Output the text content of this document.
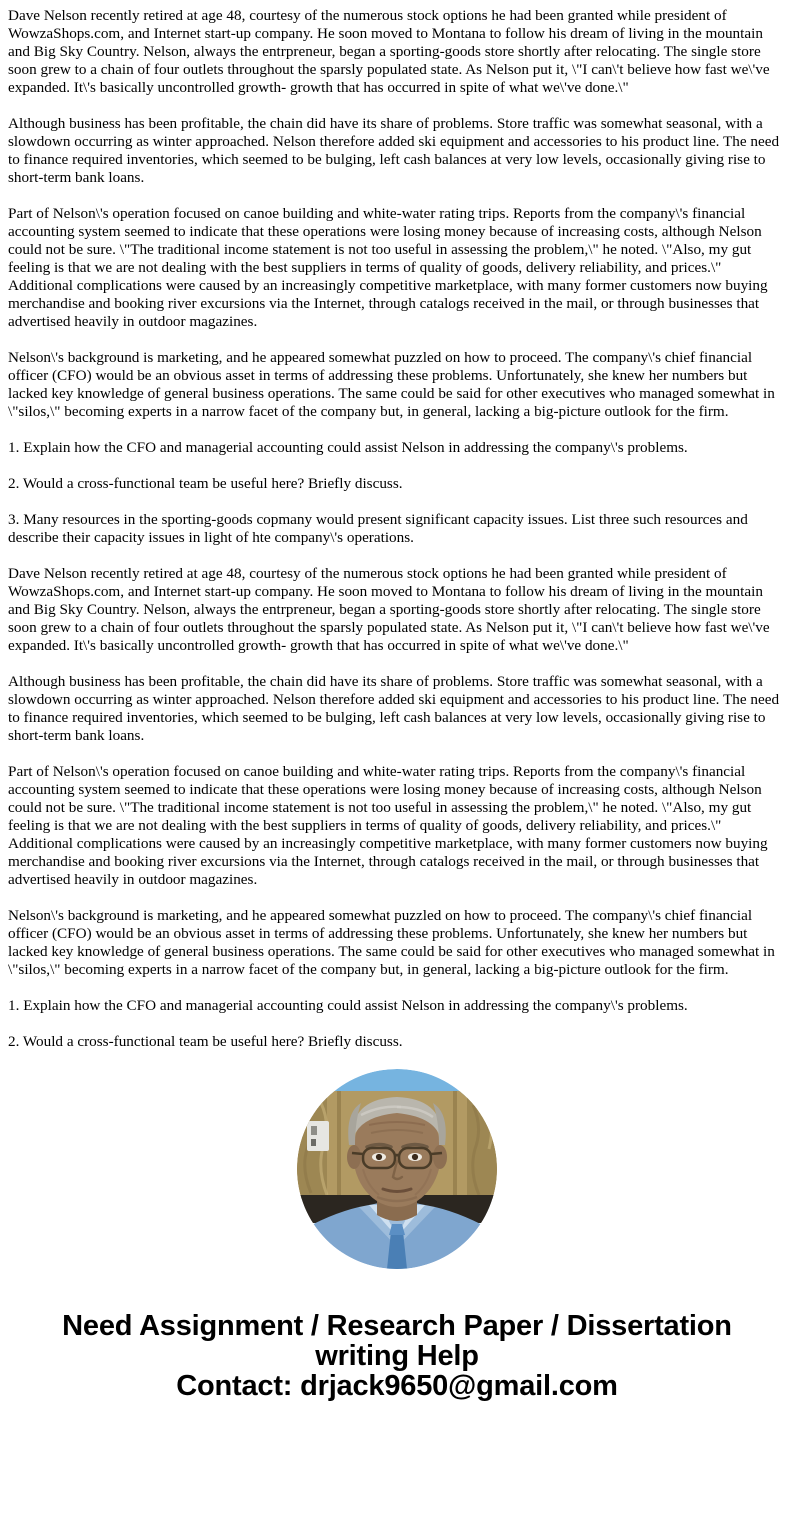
Dave Nelson recently retired at age 48, courtesy of the numerous stock options he had been granted while president of WowzaShops.com, and Internet start-up company. He soon moved to Montana to follow his dream of living in the mountain and Big Sky Country. Nelson, always the entrpreneur, began a sporting-goods store shortly after relocating. The single store soon grew to a chain of four outlets throughout the sparsly populated state. As Nelson put it, \"I can\'t believe how fast we\'ve expanded. It\'s basically uncontrolled growth- growth that has occurred in spite of what we\'ve done.\"

Although business has been profitable, the chain did have its share of problems. Store traffic was somewhat seasonal, with a slowdown occurring as winter approached. Nelson therefore added ski equipment and accessories to his product line. The need to finance required inventories, which seemed to be bulging, left cash balances at very low levels, occasionally giving rise to short-term bank loans.

Part of Nelson\'s operation focused on canoe building and white-water rating trips. Reports from the company\'s financial accounting system seemed to indicate that these operations were losing money because of increasing costs, although Nelson could not be sure. \"The traditional income statement is not too useful in assessing the problem,\" he noted. \"Also, my gut feeling is that we are not dealing with the best suppliers in terms of quality of goods, delivery reliability, and prices.\" Additional complications were caused by an increasingly competitive marketplace, with many former customers now buying merchandise and booking river excursions via the Internet, through catalogs received in the mail, or through businesses that advertised heavily in outdoor magazines.

Nelson\'s background is marketing, and he appeared somewhat puzzled on how to proceed. The company\'s chief financial officer (CFO) would be an obvious asset in terms of addressing these problems. Unfortunately, she knew her numbers but lacked key knowledge of general business operations. The same could be said for other executives who managed somewhat in \"silos,\" becoming experts in a narrow facet of the company but, in general, lacking a big-picture outlook for the firm.

1. Explain how the CFO and managerial accounting could assist Nelson in addressing the company\'s problems.

2. Would a cross-functional team be useful here? Briefly discuss.

3. Many resources in the sporting-goods copmany would present significant capacity issues. List three such resources and describe their capacity issues in light of hte company\'s operations.

Dave Nelson recently retired at age 48, courtesy of the numerous stock options he had been granted while president of WowzaShops.com, and Internet start-up company. He soon moved to Montana to follow his dream of living in the mountain and Big Sky Country. Nelson, always the entrpreneur, began a sporting-goods store shortly after relocating. The single store soon grew to a chain of four outlets throughout the sparsly populated state. As Nelson put it, \"I can\'t believe how fast we\'ve expanded. It\'s basically uncontrolled growth- growth that has occurred in spite of what we\'ve done.\"

Although business has been profitable, the chain did have its share of problems. Store traffic was somewhat seasonal, with a slowdown occurring as winter approached. Nelson therefore added ski equipment and accessories to his product line. The need to finance required inventories, which seemed to be bulging, left cash balances at very low levels, occasionally giving rise to short-term bank loans.

Part of Nelson\'s operation focused on canoe building and white-water rating trips. Reports from the company\'s financial accounting system seemed to indicate that these operations were losing money because of increasing costs, although Nelson could not be sure. \"The traditional income statement is not too useful in assessing the problem,\" he noted. \"Also, my gut feeling is that we are not dealing with the best suppliers in terms of quality of goods, delivery reliability, and prices.\" Additional complications were caused by an increasingly competitive marketplace, with many former customers now buying merchandise and booking river excursions via the Internet, through catalogs received in the mail, or through businesses that advertised heavily in outdoor magazines.

Nelson\'s background is marketing, and he appeared somewhat puzzled on how to proceed. The company\'s chief financial officer (CFO) would be an obvious asset in terms of addressing these problems. Unfortunately, she knew her numbers but lacked key knowledge of general business operations. The same could be said for other executives who managed somewhat in \"silos,\" becoming experts in a narrow facet of the company but, in general, lacking a big-picture outlook for the firm.

1. Explain how the CFO and managerial accounting could assist Nelson in addressing the company\'s problems.

2. Would a cross-functional team be useful here? Briefly discuss.

Need Assignment / Research Paper / Dissertation
writing Help
Contact: drjack9650@gmail.com
